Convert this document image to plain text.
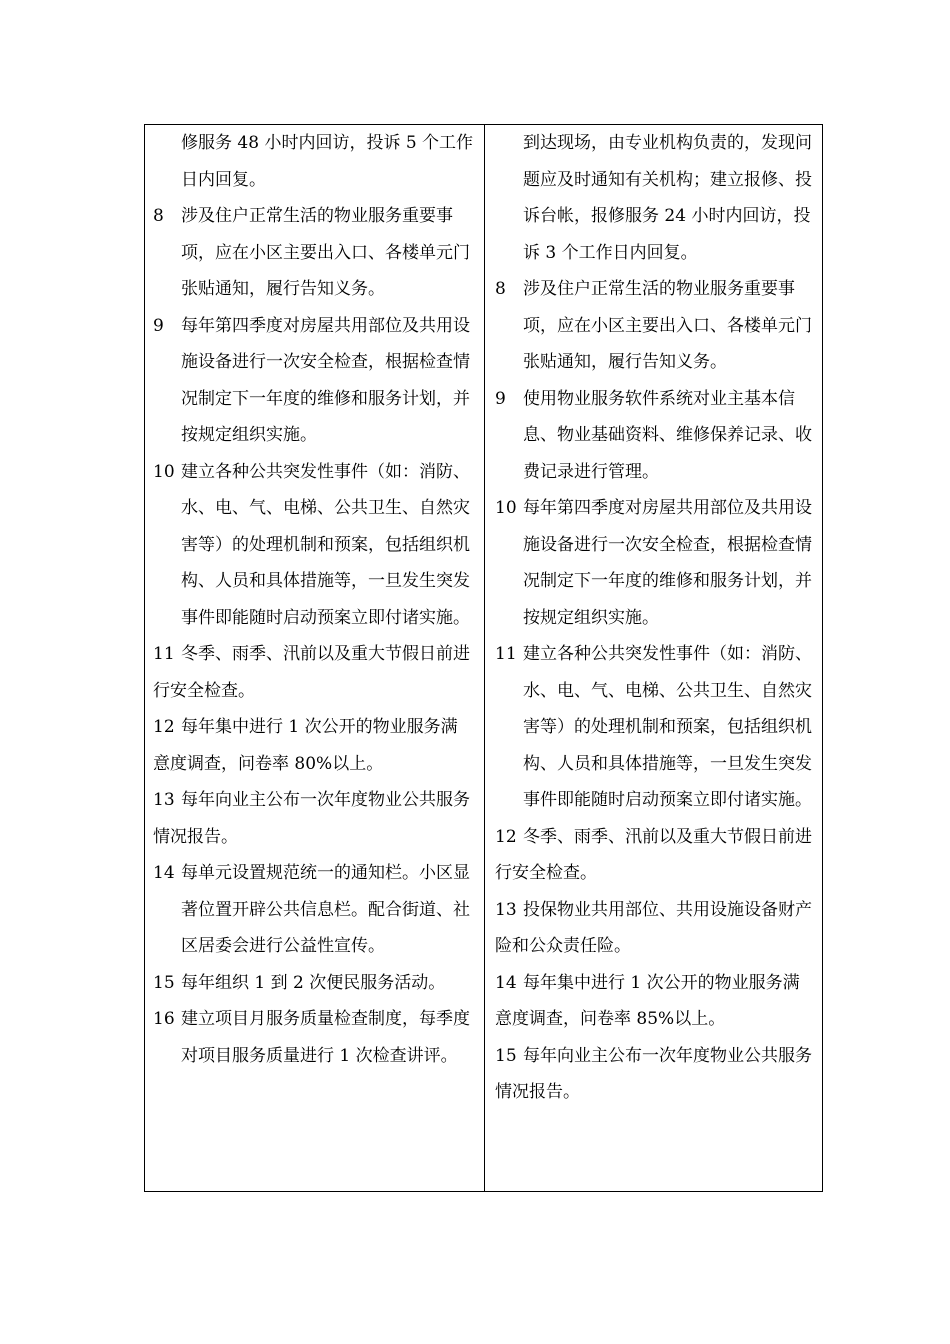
修服务 48 小时内回访，投诉 5 个工作日内回复。
8	涉及住户正常生活的物业服务重要事项，应在小区主要出入口、各楼单元门张贴通知，履行告知义务。
9	每年第四季度对房屋共用部位及共用设施设备进行一次安全检查，根据检查情况制定下一年度的维修和服务计划，并按规定组织实施。
10 建立各种公共突发性事件（如：消防、水、电、气、电梯、公共卫生、自然灾害等）的处理机制和预案，包括组织机构、人员和具体措施等，一旦发生突发事件即能随时启动预案立即付诸实施。
11 冬季、雨季、汛前以及重大节假日前进行安全检查。
12 每年集中进行 1 次公开的物业服务满意度调查，问卷率 80%以上。
13 每年向业主公布一次年度物业公共服务情况报告。
14 每单元设置规范统一的通知栏。小区显著位置开辟公共信息栏。配合街道、社区居委会进行公益性宣传。
15 每年组织 1 到 2 次便民服务活动。
16 建立项目月服务质量检查制度，每季度对项目服务质量进行 1 次检查讲评。
到达现场，由专业机构负责的，发现问题应及时通知有关机构；建立报修、投诉台帐，报修服务 24 小时内回访，投诉 3 个工作日内回复。
8	涉及住户正常生活的物业服务重要事项，应在小区主要出入口、各楼单元门张贴通知，履行告知义务。
9	使用物业服务软件系统对业主基本信息、物业基础资料、维修保养记录、收费记录进行管理。
10 每年第四季度对房屋共用部位及共用设施设备进行一次安全检查，根据检查情况制定下一年度的维修和服务计划，并按规定组织实施。
11 建立各种公共突发性事件（如：消防、水、电、气、电梯、公共卫生、自然灾害等）的处理机制和预案，包括组织机构、人员和具体措施等，一旦发生突发事件即能随时启动预案立即付诸实施。
12 冬季、雨季、汛前以及重大节假日前进行安全检查。
13 投保物业共用部位、共用设施设备财产险和公众责任险。
14 每年集中进行 1 次公开的物业服务满意度调查，问卷率 85%以上。
15 每年向业主公布一次年度物业公共服务情况报告。
